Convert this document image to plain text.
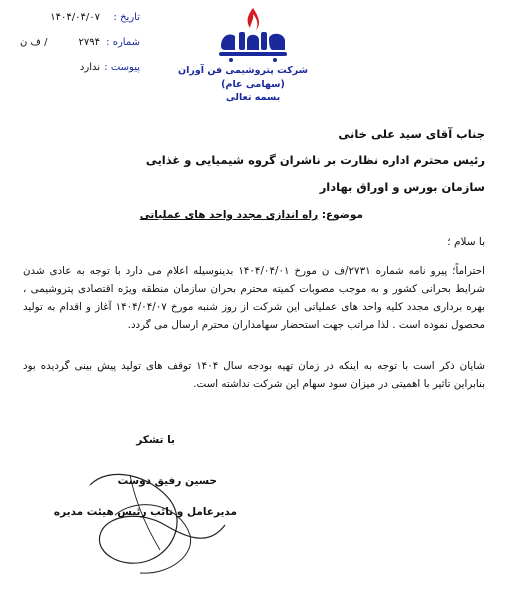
تاریخ :
۱۴۰۴/۰۴/۰۷
شماره :
۲۷۹۴
/ ف ن
پیوست :
ندارد	شرکت پتروشیمی فن آوران
(سهامی عام)
بسمه تعالی
جناب آقای سید علی خانی
رئیس محترم اداره نظارت بر ناشران گروه شیمیایی و غذایی
سازمان بورس و اوراق بهادار
موضوع: راه اندازی مجدد واحد های عملیاتی
با سلام ؛
احتراماً؛ پیرو نامه شماره ۲۷۳۱/ف ن مورخ ۱۴۰۴/۰۴/۰۱ بدینوسیله اعلام می دارد با توجه به عادی شدن شرایط بحرانی کشور و به موجب مصوبات کمیته محترم بحران سازمان منطقه ویژه اقتصادی پتروشیمی ، بهره برداری مجدد کلیه واحد های عملیاتی این شرکت از روز شنبه مورخ ۱۴۰۴/۰۴/۰۷ آغاز و اقدام به تولید محصول نموده است . لذا مراتب جهت استحضار سهامداران محترم ارسال می گردد.
شایان ذکر است با توجه به اینکه در زمان تهیه بودجه سال ۱۴۰۴ توقف های تولید پیش بینی گردیده بود بنابراین تاثیر با اهمیتی در میزان سود سهام این شرکت نداشته است.
با تشکر
حسین رفیق دوست
مدیرعامل و نائب رئیس هیئت مدیره
